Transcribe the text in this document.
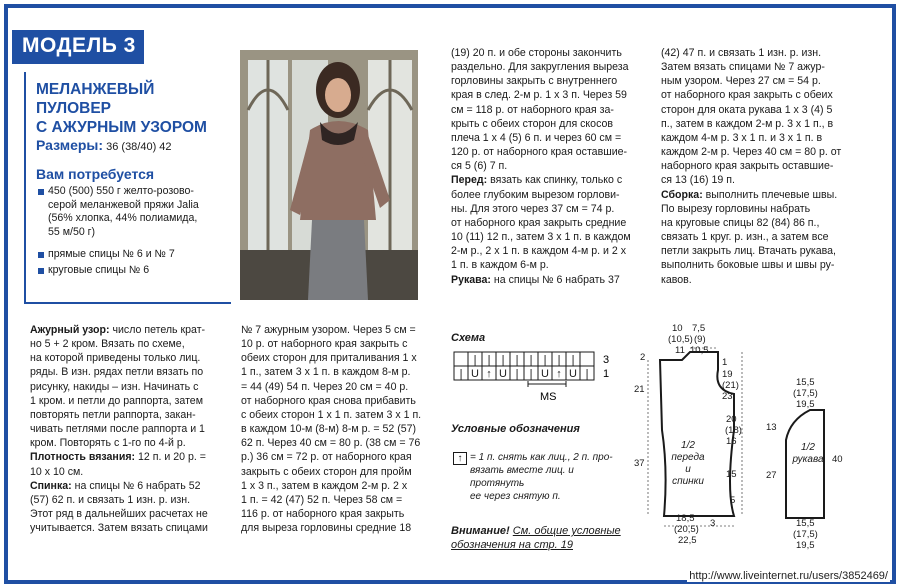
МОДЕЛЬ 3
МЕЛАНЖЕВЫЙ ПУЛОВЕР
С АЖУРНЫМ УЗОРОМ
Размеры: 36 (38/40) 42
Вам потребуется
450 (500) 550 г желто-розово-
серой меланжевой пряжи Jalia
(56% хлопка, 44% полиамида,
55 м/50 г)
прямые спицы № 6 и № 7
круговые спицы № 6
Ажурный узор: число петель крат-
но 5 + 2 кром. Вязать по схеме,
на которой приведены только лиц.
ряды. В изн. рядах петли вязать по
рисунку, накиды – изн. Начинать с
1 кром. и петли до раппорта, затем
повторять петли раппорта, закан-
чивать петлями после раппорта и 1
кром. Повторять с 1-го по 4-й р.
Плотность вязания: 12 п. и 20 р. =
10 х 10 см.
Спинка: на спицы № 6 набрать 52
(57) 62 п. и связать 1 изн. р. изн.
Этот ряд в дальнейших расчетах не
учитывается. Затем вязать спицами
№ 7 ажурным узором. Через 5 см =
10 р. от наборного края закрыть с
обеих сторон для приталивания 1 х
1 п., затем 3 х 1 п. в каждом 8-м р.
= 44 (49) 54 п. Через 20 см = 40 р.
от наборного края снова прибавить
с обеих сторон 1 х 1 п. затем 3 х 1 п.
в каждом 10-м (8-м) 8-м р. = 52 (57)
62 п. Через 40 см = 80 р. (38 см = 76
р.) 36 см = 72 р. от наборного края
закрыть с обеих сторон для пройм
1 х 3 п., затем в каждом 2-м р. 2 х
1 п. = 42 (47) 52 п. Через 58 см =
116 р. от наборного края закрыть
для выреза горловины средние 18
(19) 20 п. и обе стороны закончить
раздельно. Для закругления выреза
горловины закрыть с внутреннего
края в след. 2-м р. 1 х 3 п. Через 59
см = 118 р. от наборного края за-
крыть с обеих сторон для скосов
плеча 1 х 4 (5) 6 п. и через 60 см =
120 р. от наборного края оставшие-
ся 5 (6) 7 п.
Перед: вязать как спинку, только с
более глубоким вырезом горлови-
ны. Для этого через 37 см = 74 р.
от наборного края закрыть средние
10 (11) 12 п., затем 3 х 1 п. в каждом
2-м р., 2 х 1 п. в каждом 4-м р. и 2 х
1 п. в каждом 6-м р.
Рукава: на спицы № 6 набрать 37
(42) 47 п. и связать 1 изн. р. изн.
Затем вязать спицами № 7 ажур-
ным узором. Через 27 см = 54 р.
от наборного края закрыть с обеих
сторон для оката рукава 1 х 3 (4) 5
п., затем в каждом 2-м р. 3 х 1 п., в
каждом 4-м р. 3 х 1 п. и 3 х 1 п. в
каждом 2-м р. Через 40 см = 80 р. от
наборного края закрыть оставшие-
ся 13 (16) 19 п.
Сборка: выполнить плечевые швы.
По вырезу горловины набрать
на круговые спицы 82 (84) 86 п.,
связать 1 круг. р. изн., а затем все
петли закрыть лиц. Втачать рукава,
выполнить боковые швы и швы ру-
кавов.
Схема
| | | | | | | |
| U ↑ U | | U ↑ U |
3
1
MS
Условные обозначения
↑ = 1 п. снять как лиц., 2 п. про-
вязать вместе лиц. и протянуть
ее через снятую п.
Внимание! См. общие условные
обозначения на стр. 19
10
(10,5)
11
7,5
(9)
10,5
2
21
37
1
19
(21)
23
20
(18)
16
15
5
18,5
(20,5)
22,5
3
1/2
переда
и
спинки
15,5
(17,5)
19,5
13
27
40
15,5
(17,5)
19,5
1/2
рукава
http://www.liveinternet.ru/users/3852469/
